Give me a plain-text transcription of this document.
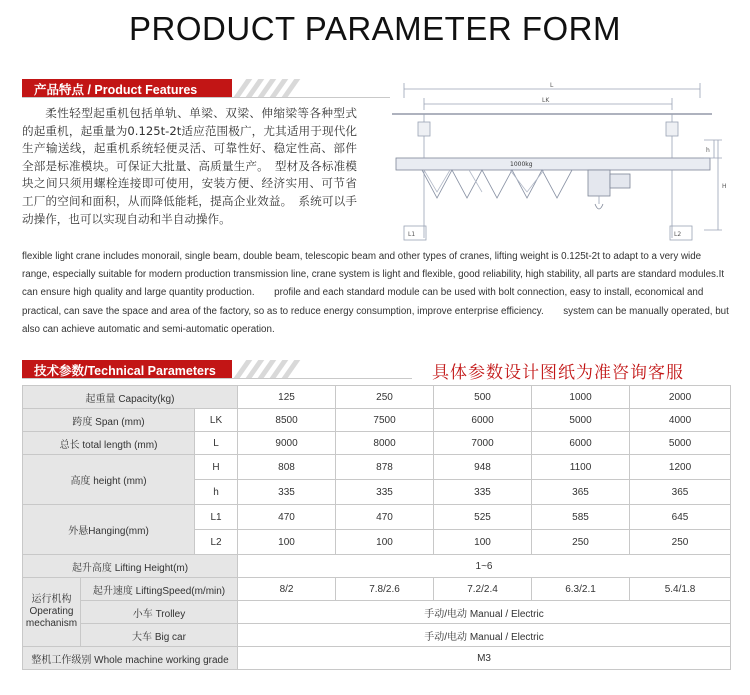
PRODUCT PARAMETER FORM
产品特点 / Product Features
柔性轻型起重机包括单轨、单梁、双梁、伸缩梁等各种型式的起重机，起重量为0.125t-2t适应范围极广，尤其适用于现代化生产输送线，起重机系统轻便灵活、可靠性好、稳定性高、部件全部是标准模块。可保证大批量、高质量生产。　型材及各标准模块之间只须用螺栓连接即可使用，安装方便、经济实用、可节省工厂的空间和面积，从而降低能耗，提高企业效益。　系统可以手动操作，也可以实现自动和半自动操作。
L
LK
1000kg
h
H
L1	L2
flexible light crane includes monorail, single beam, double beam, telescopic beam and other types of cranes, lifting weight is 0.125t-2t to adapt to a very wide range, especially suitable for modern production transmission line, crane system is light and flexible, good reliability, high stability, all parts are standard modules.It can ensure high quality and large quantity production.　　profile and each standard module can be used with bolt connection, easy to install, economical and practical, can save the space and area of the factory, so as to reduce energy consumption, improve enterprise efficiency.　　system can be manually operated, but also can achieve automatic and semi-automatic operation.
技术参数/Technical Parameters	具体参数设计图纸为准咨询客服
起重量 Capacity(kg)			125	250	500	1000	2000
跨度 Span (mm)		LK	8500	7500	6000	5000	4000
总长 total length (mm)		L	9000	8000	7000	6000	5000
高度 height (mm)		H	808	878	948	1100	1200
		h	335	335	335	365	365
外悬Hanging(mm)		L1	470	470	525	585	645
		L2	100	100	100	250	250
起升高度 Lifting Height(m)			1~6				
运行机构 Operating mechanism	起升速度 LiftingSpeed(m/min)		8/2	7.8/2.6	7.2/2.4	6.3/2.1	5.4/1.8
	小车 Trolley		手动/电动 Manual / Electric				
	大车 Big car		手动/电动 Manual / Electric				
整机工作级别 Whole machine working grade			M3				
